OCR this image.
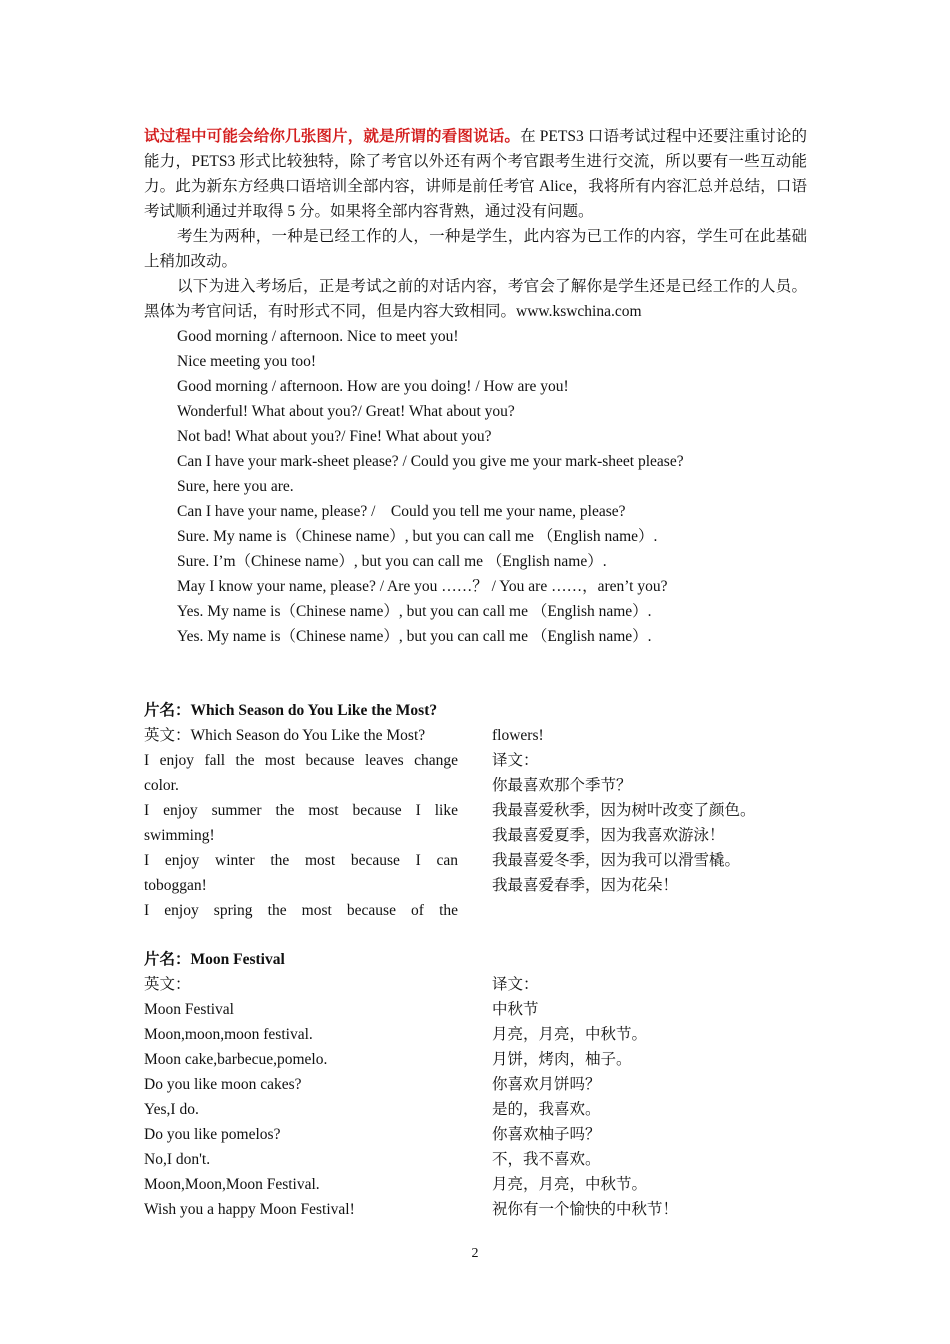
试过程中可能会给你几张图片，就是所谓的看图说话。在 PETS3 口语考试过程中还要注重讨论的能力，PETS3 形式比较独特，除了考官以外还有两个考官跟考生进行交流，所以要有一些互动能力。此为新东方经典口语培训全部内容，讲师是前任考官 Alice，我将所有内容汇总并总结，口语考试顺利通过并取得 5 分。如果将全部内容背熟，通过没有问题。

考生为两种，一种是已经工作的人，一种是学生，此内容为已工作的内容，学生可在此基础上稍加改动。

以下为进入考场后，正是考试之前的对话内容，考官会了解你是学生还是已经工作的人员。黑体为考官问话，有时形式不同，但是内容大致相同。www.kswchina.com

Good morning / afternoon. Nice to meet you!

Nice meeting you too!

Good morning / afternoon. How are you doing! / How are you!

Wonderful! What about you?/ Great! What about you?

Not bad! What about you?/ Fine! What about you?

Can I have your mark-sheet please? / Could you give me your mark-sheet please?

Sure, here you are.

Can I have your name, please? /　Could you tell me your name, please?

Sure. My name is（Chinese name）, but you can call me （English name）.

Sure. I’m（Chinese name）, but you can call me （English name）.

May I know your name, please? / Are you ……？ / You are ……，aren’t you?

Yes. My name is（Chinese name）, but you can call me （English name）.

Yes. My name is（Chinese name）, but you can call me （English name）.

片名：Which Season do You Like the Most?

英文：Which Season do You Like the Most?

I enjoy fall the most because leaves change

color.

I enjoy summer the most because I like

swimming!

I enjoy winter the most because I can

toboggan!

I enjoy spring the most because of the

flowers!

译文：

你最喜欢那个季节？

我最喜爱秋季，因为树叶改变了颜色。

我最喜爱夏季，因为我喜欢游泳！

我最喜爱冬季，因为我可以滑雪橇。

我最喜爱春季，因为花朵！

片名：Moon Festival

英文：

Moon Festival

Moon,moon,moon festival.

Moon cake,barbecue,pomelo.

Do you like moon cakes?

Yes,I do.

Do you like pomelos?

No,I don't.

Moon,Moon,Moon Festival.

Wish you a happy Moon Festival!

译文：

中秋节

月亮，月亮，中秋节。

月饼，烤肉，柚子。

你喜欢月饼吗？

是的，我喜欢。

你喜欢柚子吗？

不，我不喜欢。

月亮，月亮，中秋节。

祝你有一个愉快的中秋节！

2
